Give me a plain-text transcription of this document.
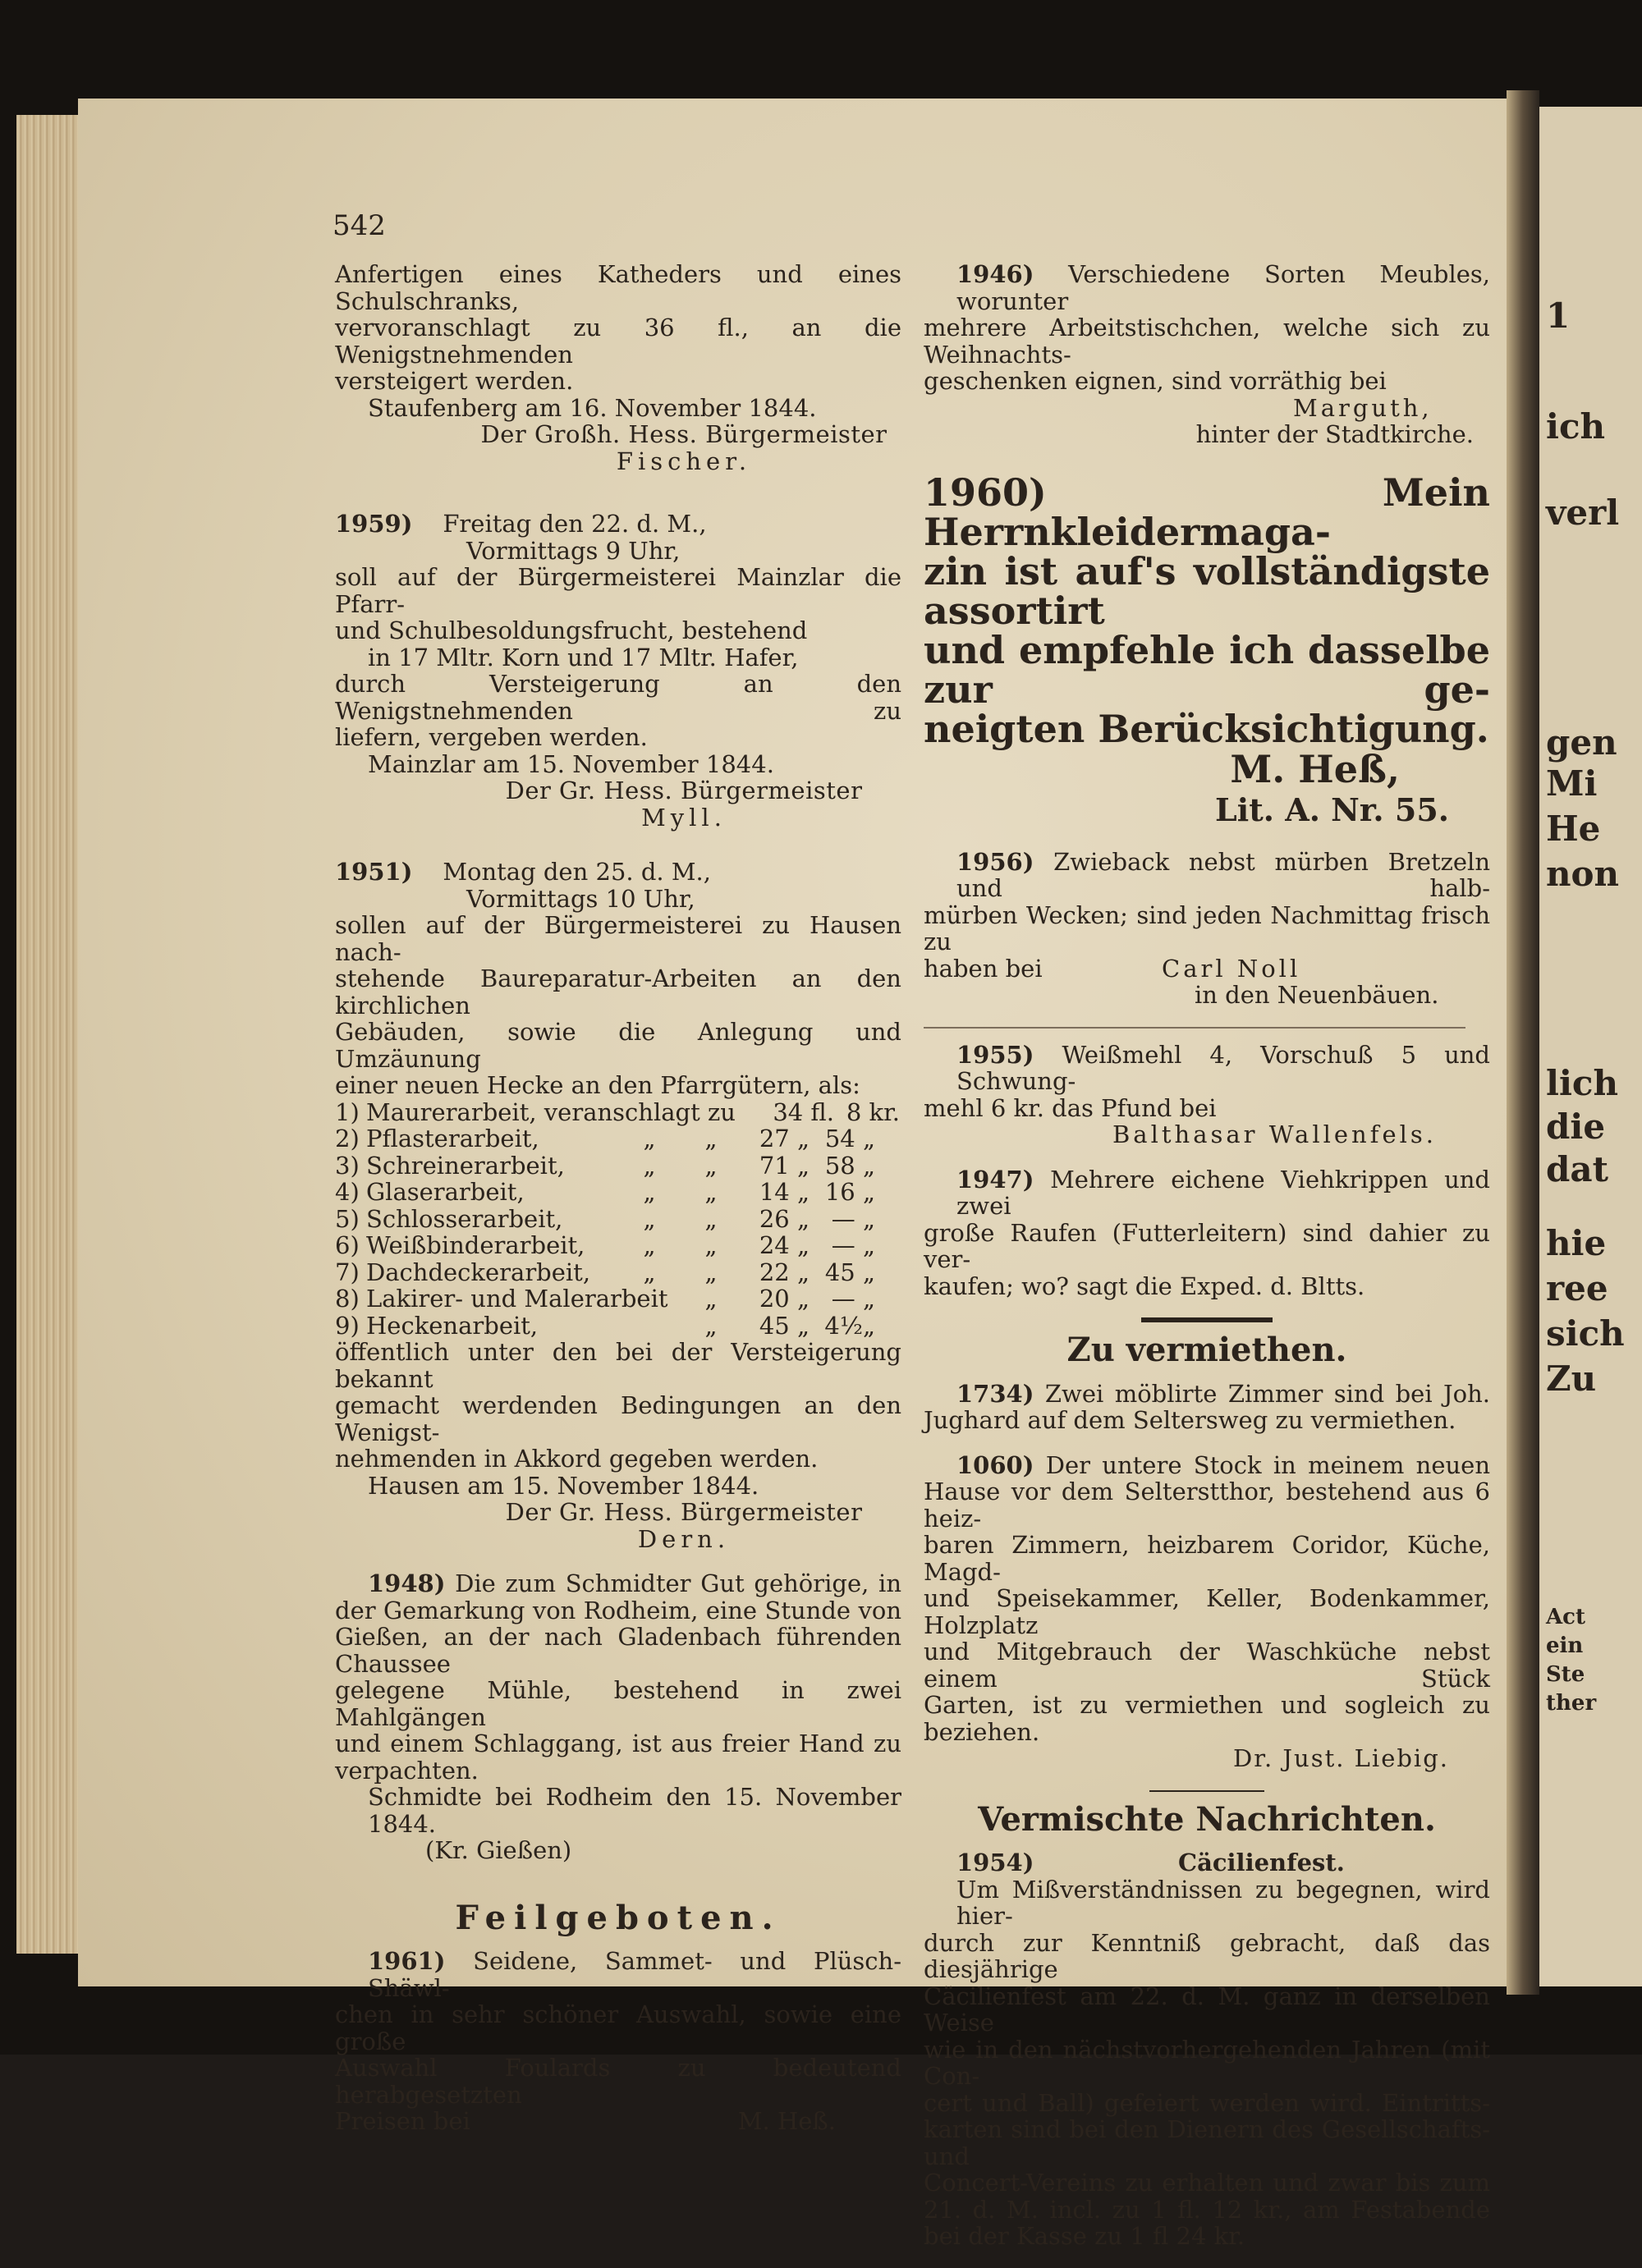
1
ich
verl
gen
Mi
He
non
lich
die
dat
hie
ree
sich
Zu
Act
ein
Ste
ther
542
Anfertigen eines Katheders und eines Schulschranks,
vervoranschlagt zu 36 fl., an die Wenigstnehmenden
versteigert werden.
Staufenberg am 16. November 1844.
Der Großh. Hess. Bürgermeister
Fischer.
1959) Freitag den 22. d. M.,
Vormittags 9 Uhr,
soll auf der Bürgermeisterei Mainzlar die Pfarr-
und Schulbesoldungsfrucht, bestehend
in 17 Mltr. Korn und 17 Mltr. Hafer,
durch Versteigerung an den Wenigstnehmenden zu
liefern, vergeben werden.
Mainzlar am 15. November 1844.
Der Gr. Hess. Bürgermeister
Myll.
1951) Montag den 25. d. M.,
Vormittags 10 Uhr,
sollen auf der Bürgermeisterei zu Hausen nach-
stehende Baureparatur-Arbeiten an den kirchlichen
Gebäuden, sowie die Anlegung und Umzäunung
einer neuen Hecke an den Pfarrgütern, als:
1) Maurerarbeit, veranschlagt zu	34 fl. 8 kr.
2) Pflasterarbeit,	„	„	27 „ 54 „
3) Schreinerarbeit,	„	„	71 „ 58 „
4) Glaserarbeit,	„	„	14 „ 16 „
5) Schlosserarbeit,	„	„	26 „ — „
6) Weißbinderarbeit,	„	„	24 „ — „
7) Dachdeckerarbeit,	„	„	22 „ 45 „
8) Lakirer- und Malerarbeit	„	20 „ — „
9) Heckenarbeit,	„	45 „ 4½„
öffentlich unter den bei der Versteigerung bekannt
gemacht werdenden Bedingungen an den Wenigst-
nehmenden in Akkord gegeben werden.
Hausen am 15. November 1844.
Der Gr. Hess. Bürgermeister
Dern.
1948) Die zum Schmidter Gut gehörige, in
der Gemarkung von Rodheim, eine Stunde von
Gießen, an der nach Gladenbach führenden Chaussee
gelegene Mühle, bestehend in zwei Mahlgängen
und einem Schlaggang, ist aus freier Hand zu
verpachten.
Schmidte bei Rodheim den 15. November 1844.
(Kr. Gießen)
Feilgeboten.
1961) Seidene, Sammet- und Plüsch-Shäwl-
chen in sehr schöner Auswahl, sowie eine große
Auswahl Foulards zu bedeutend herabgesetzten
Preisen bei	M. Heß.
1946) Verschiedene Sorten Meubles, worunter
mehrere Arbeitstischchen, welche sich zu Weihnachts-
geschenken eignen, sind vorräthig bei
Marguth,
hinter der Stadtkirche.
1960)	Mein Herrnkleidermaga-
zin ist auf's vollständigste assortirt
und empfehle ich dasselbe zur ge-
neigten Berücksichtigung.
M. Heß,
Lit. A. Nr. 55.
1956) Zwieback nebst mürben Bretzeln und halb-
mürben Wecken; sind jeden Nachmittag frisch zu
haben bei	Carl Noll
in den Neuenbäuen.
1955) Weißmehl 4, Vorschuß 5 und Schwung-
mehl 6 kr. das Pfund bei
Balthasar Wallenfels.
1947) Mehrere eichene Viehkrippen und zwei
große Raufen (Futterleitern) sind dahier zu ver-
kaufen; wo? sagt die Exped. d. Bltts.
Zu vermiethen.
1734) Zwei möblirte Zimmer sind bei Joh.
Jughard auf dem Seltersweg zu vermiethen.
1060) Der untere Stock in meinem neuen
Hause vor dem Selterstthor, bestehend aus 6 heiz-
baren Zimmern, heizbarem Coridor, Küche, Magd-
und Speisekammer, Keller, Bodenkammer, Holzplatz
und Mitgebrauch der Waschküche nebst einem Stück
Garten, ist zu vermiethen und sogleich zu beziehen.
Dr. Just. Liebig.
Vermischte Nachrichten.
1954)	Cäcilienfest.
Um Mißverständnissen zu begegnen, wird hier-
durch zur Kenntniß gebracht, daß das diesjährige
Cäcilienfest am 22. d. M. ganz in derselben Weise
wie in den nächstvorhergehenden Jahren (mit Con-
cert und Ball) gefeiert werden wird. Eintritts-
karten sind bei den Dienern des Gesellschafts- und
Concert-Vereins zu erhalten und zwar bis zum
21. d. M. incl. zu 1 fl. 12 kr., am Festabende
bei der Kasse zu 1 fl 24 kr.
